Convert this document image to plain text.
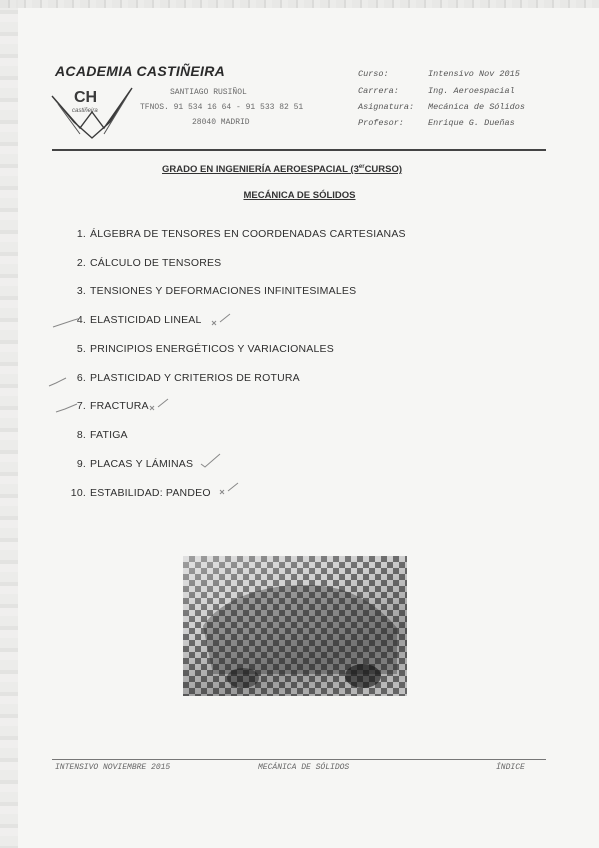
ACADEMIA CASTIÑEIRA
CH
castiñeira
SANTIAGO RUSIÑOL
TFNOS. 91 534 16 64 - 91 533 82 51
28040 MADRID
Curso:	Intensivo Nov 2015
Carrera:	Ing. Aeroespacial
Asignatura: Mecánica de Sólidos
Profesor:	Enrique G. Dueñas
GRADO EN INGENIERÍA AEROESPACIAL (3erCURSO)
MECÁNICA DE SÓLIDOS
1. ÁLGEBRA DE TENSORES EN COORDENADAS CARTESIANAS
2. CÁLCULO DE TENSORES
3. TENSIONES Y DEFORMACIONES INFINITESIMALES
4. ELASTICIDAD LINEAL
5. PRINCIPIOS ENERGÉTICOS Y VARIACIONALES
6. PLASTICIDAD Y CRITERIOS DE ROTURA
7. FRACTURA
8. FATIGA
9. PLACAS Y LÁMINAS
10. ESTABILIDAD: PANDEO
INTENSIVO NOVIEMBRE 2015	MECÁNICA DE SÓLIDOS	ÍNDICE
